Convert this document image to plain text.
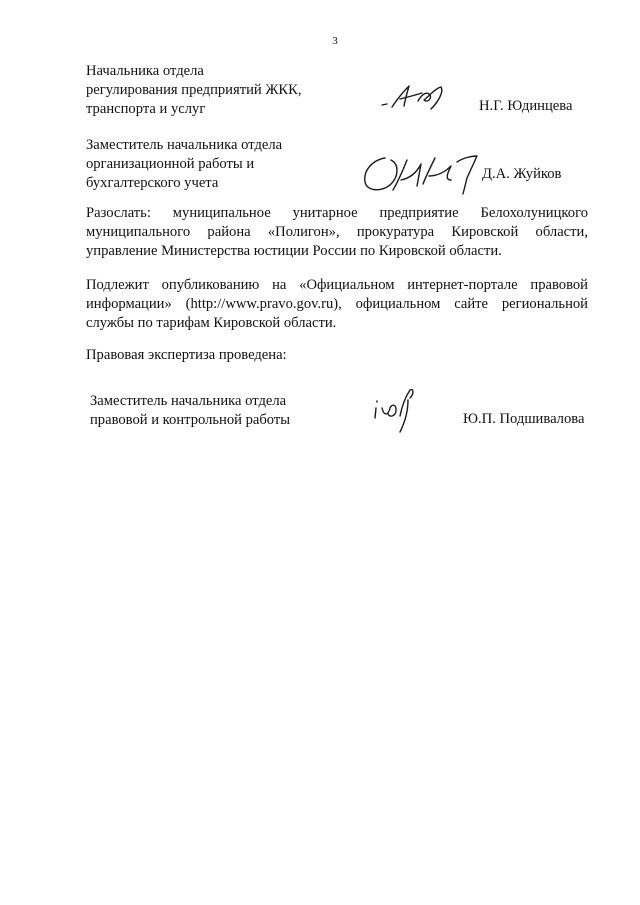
3
Начальника отдела
регулирования предприятий ЖКК,
транспорта и услуг	Н.Г. Юдинцева
Заместитель начальника отдела
организационной работы и
бухгалтерского учета
Д.А. Жуйков
Разослать: муниципальное унитарное предприятие Белохолуницкого
муниципального района «Полигон», прокуратура Кировской области,
управление Министерства юстиции России по Кировской области.
Подлежит опубликованию на «Официальном интернет-портале правовой
информации» (http://www.pravo.gov.ru), официальном сайте региональной
службы по тарифам Кировской области.
Правовая экспертиза проведена:
Заместитель начальника отдела
правовой и контрольной работы	Ю.П. Подшивалова
